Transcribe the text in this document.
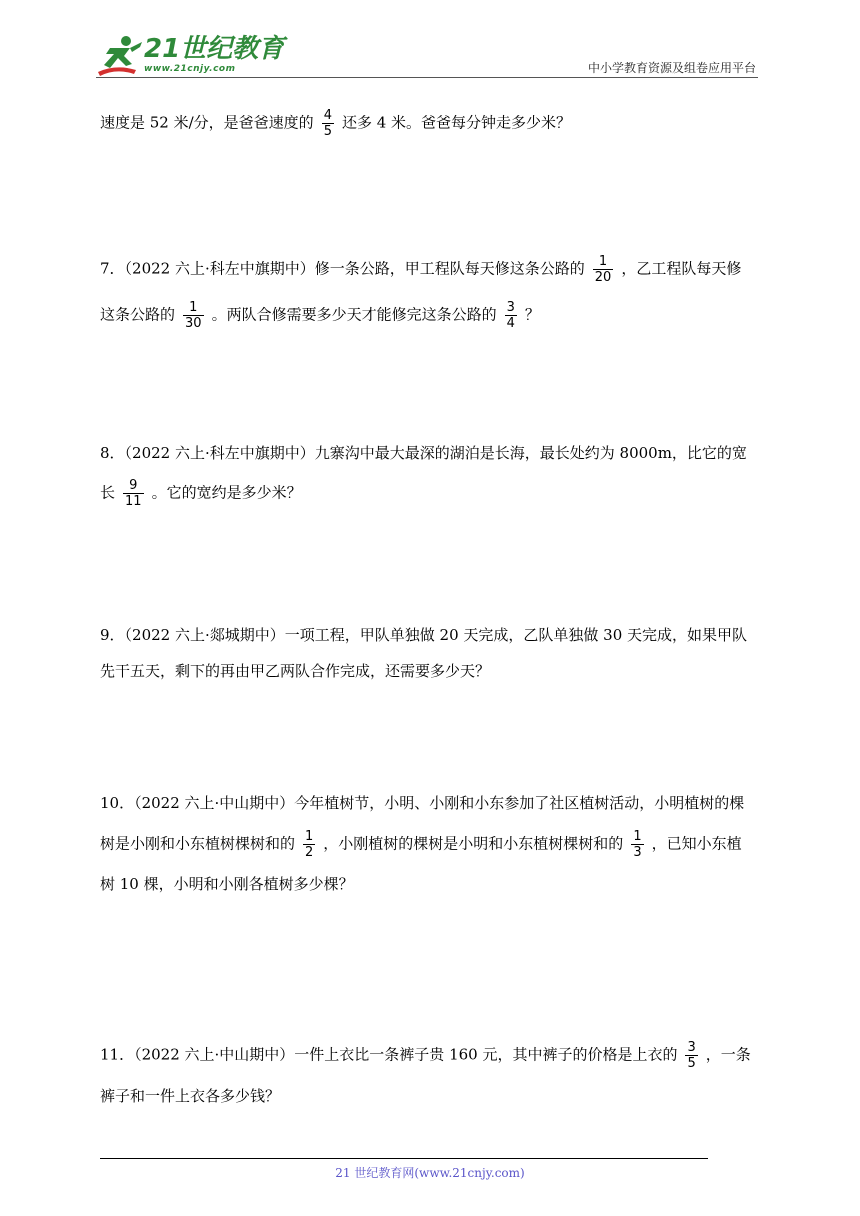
21世纪教育
www.21cnjy.com	中小学教育资源及组卷应用平台
速度是 52 米/分，是爸爸速度的 $\frac{4}{5}$ 还多 4 米。爸爸每分钟走多少米？
7．（2022 六上·科左中旗期中）修一条公路，甲工程队每天修这条公路的 $\frac{1}{20}$ ，乙工程队每天修
这条公路的 $\frac{1}{30}$ 。两队合修需要多少天才能修完这条公路的 $\frac{3}{4}$ ？
8．（2022 六上·科左中旗期中）九寨沟中最大最深的湖泊是长海，最长处约为 8000m，比它的宽
长 $\frac{9}{11}$ 。它的宽约是多少米？
9．（2022 六上·郯城期中）一项工程，甲队单独做 20 天完成，乙队单独做 30 天完成，如果甲队
先干五天，剩下的再由甲乙两队合作完成，还需要多少天？
10．（2022 六上·中山期中）今年植树节，小明、小刚和小东参加了社区植树活动，小明植树的棵
树是小刚和小东植树棵树和的 $\frac{1}{2}$ ，小刚植树的棵树是小明和小东植树棵树和的 $\frac{1}{3}$ ，已知小东植
树 10 棵，小明和小刚各植树多少棵？
11．（2022 六上·中山期中）一件上衣比一条裤子贵 160 元，其中裤子的价格是上衣的 $\frac{3}{5}$ ，一条
裤子和一件上衣各多少钱？
21 世纪教育网(www.21cnjy.com)
